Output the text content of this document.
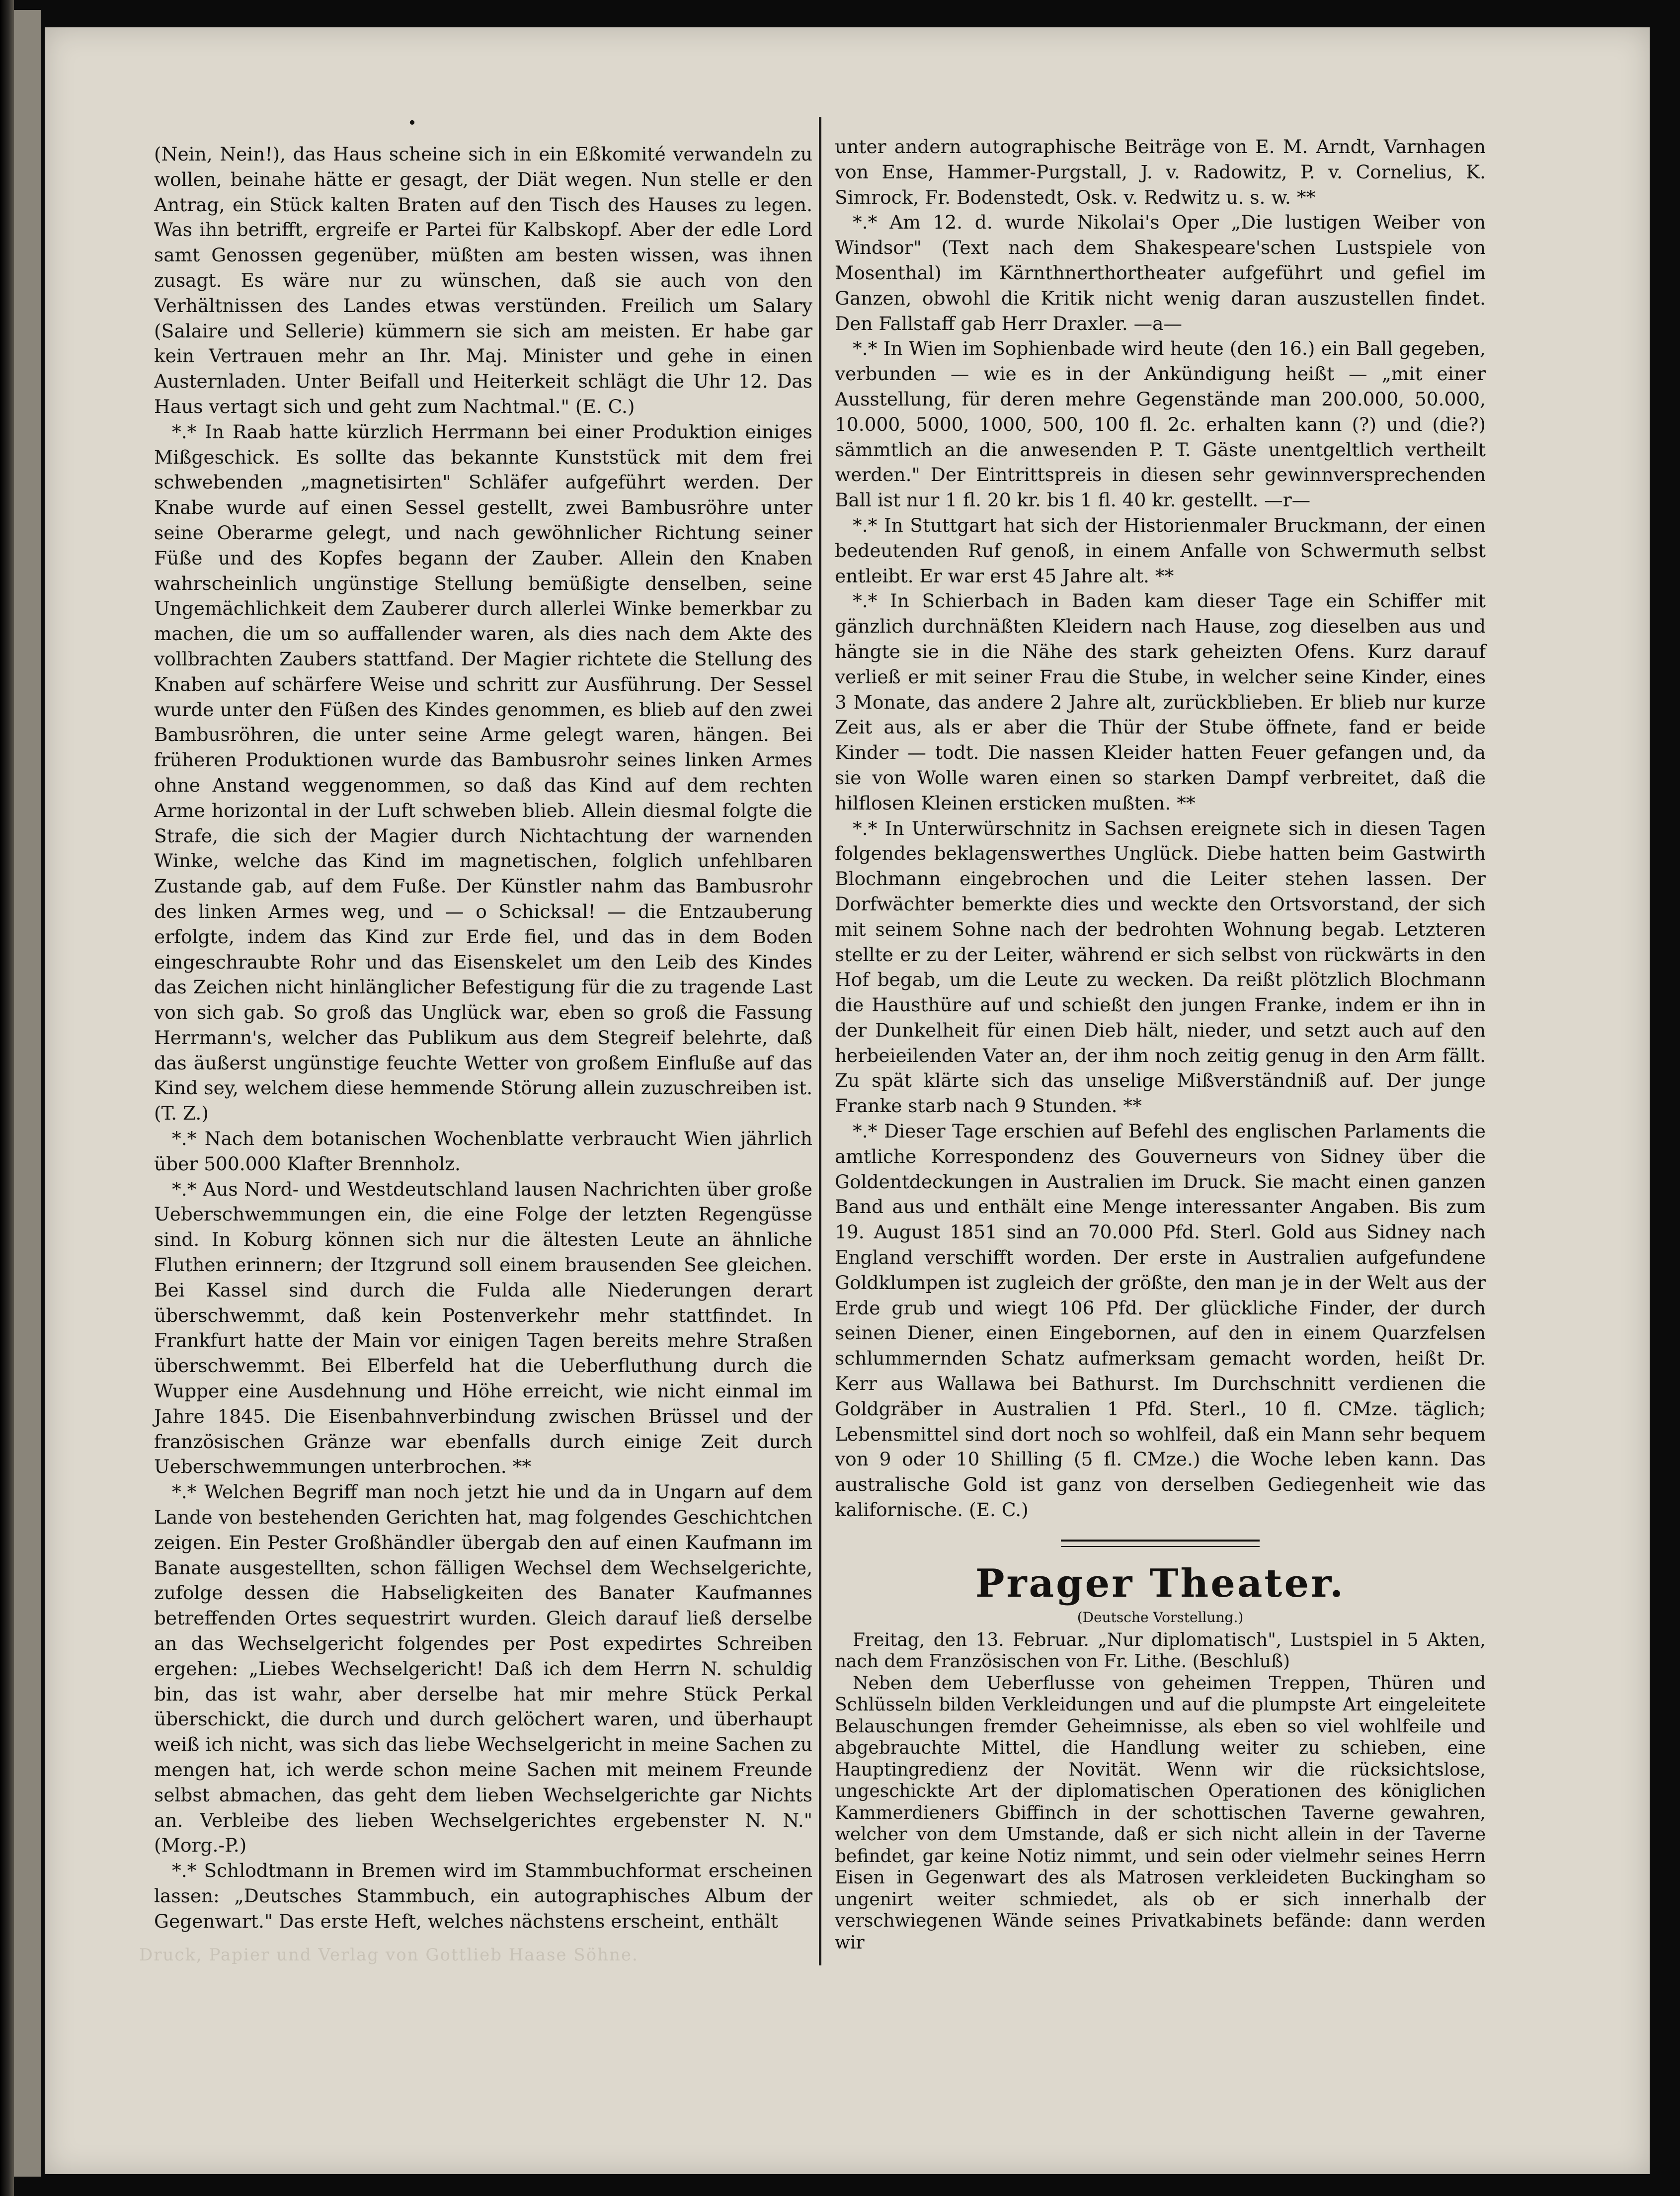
•

(Nein, Nein!), das Haus scheine sich in ein Eßkomité verwandeln zu wollen, beinahe hätte er gesagt, der Diät wegen. Nun stelle er den Antrag, ein Stück kalten Braten auf den Tisch des Hauses zu legen. Was ihn betrifft, ergreife er Partei für Kalbskopf. Aber der edle Lord samt Genossen gegenüber, müßten am besten wissen, was ihnen zusagt. Es wäre nur zu wünschen, daß sie auch von den Verhältnissen des Landes etwas verstünden. Freilich um Salary (Salaire und Sellerie) kümmern sie sich am meisten. Er habe gar kein Vertrauen mehr an Ihr. Maj. Minister und gehe in einen Austernladen. Unter Beifall und Heiterkeit schlägt die Uhr 12. Das Haus vertagt sich und geht zum Nachtmal." (E. C.)

*.* In Raab hatte kürzlich Herrmann bei einer Produktion einiges Mißgeschick. Es sollte das bekannte Kunststück mit dem frei schwebenden „magnetisirten" Schläfer aufgeführt werden. Der Knabe wurde auf einen Sessel gestellt, zwei Bambusröhre unter seine Oberarme gelegt, und nach gewöhnlicher Richtung seiner Füße und des Kopfes begann der Zauber. Allein den Knaben wahrscheinlich ungünstige Stellung bemüßigte denselben, seine Ungemächlichkeit dem Zauberer durch allerlei Winke bemerkbar zu machen, die um so auffallender waren, als dies nach dem Akte des vollbrachten Zaubers stattfand. Der Magier richtete die Stellung des Knaben auf schärfere Weise und schritt zur Ausführung. Der Sessel wurde unter den Füßen des Kindes genommen, es blieb auf den zwei Bambusröhren, die unter seine Arme gelegt waren, hängen. Bei früheren Produktionen wurde das Bambusrohr seines linken Armes ohne Anstand weggenommen, so daß das Kind auf dem rechten Arme horizontal in der Luft schweben blieb. Allein diesmal folgte die Strafe, die sich der Magier durch Nichtachtung der warnenden Winke, welche das Kind im magnetischen, folglich unfehlbaren Zustande gab, auf dem Fuße. Der Künstler nahm das Bambusrohr des linken Armes weg, und — o Schicksal! — die Entzauberung erfolgte, indem das Kind zur Erde fiel, und das in dem Boden eingeschraubte Rohr und das Eisenskelet um den Leib des Kindes das Zeichen nicht hinlänglicher Befestigung für die zu tragende Last von sich gab. So groß das Unglück war, eben so groß die Fassung Herrmann's, welcher das Publikum aus dem Stegreif belehrte, daß das äußerst ungünstige feuchte Wetter von großem Einfluße auf das Kind sey, welchem diese hemmende Störung allein zuzuschreiben ist. (T. Z.)

*.* Nach dem botanischen Wochenblatte verbraucht Wien jährlich über 500.000 Klafter Brennholz.

*.* Aus Nord- und Westdeutschland lausen Nachrichten über große Ueberschwemmungen ein, die eine Folge der letzten Regengüsse sind. In Koburg können sich nur die ältesten Leute an ähnliche Fluthen erinnern; der Itzgrund soll einem brausenden See gleichen. Bei Kassel sind durch die Fulda alle Niederungen derart überschwemmt, daß kein Postenverkehr mehr stattfindet. In Frankfurt hatte der Main vor einigen Tagen bereits mehre Straßen überschwemmt. Bei Elberfeld hat die Ueberfluthung durch die Wupper eine Ausdehnung und Höhe erreicht, wie nicht einmal im Jahre 1845. Die Eisenbahnverbindung zwischen Brüssel und der französischen Gränze war ebenfalls durch einige Zeit durch Ueberschwemmungen unterbrochen. **

*.* Welchen Begriff man noch jetzt hie und da in Ungarn auf dem Lande von bestehenden Gerichten hat, mag folgendes Geschichtchen zeigen. Ein Pester Großhändler übergab den auf einen Kaufmann im Banate ausgestellten, schon fälligen Wechsel dem Wechselgerichte, zufolge dessen die Habseligkeiten des Banater Kaufmannes betreffenden Ortes sequestrirt wurden. Gleich darauf ließ derselbe an das Wechselgericht folgendes per Post expedirtes Schreiben ergehen: „Liebes Wechselgericht! Daß ich dem Herrn N. schuldig bin, das ist wahr, aber derselbe hat mir mehre Stück Perkal überschickt, die durch und durch gelöchert waren, und überhaupt weiß ich nicht, was sich das liebe Wechselgericht in meine Sachen zu mengen hat, ich werde schon meine Sachen mit meinem Freunde selbst abmachen, das geht dem lieben Wechselgerichte gar Nichts an. Verbleibe des lieben Wechselgerichtes ergebenster N. N." (Morg.-P.)

*.* Schlodtmann in Bremen wird im Stammbuchformat erscheinen lassen: „Deutsches Stammbuch, ein autographisches Album der Gegenwart." Das erste Heft, welches nächstens erscheint, enthält

unter andern autographische Beiträge von E. M. Arndt, Varnhagen von Ense, Hammer-Purgstall, J. v. Radowitz, P. v. Cornelius, K. Simrock, Fr. Bodenstedt, Osk. v. Redwitz u. s. w. **

*.* Am 12. d. wurde Nikolai's Oper „Die lustigen Weiber von Windsor" (Text nach dem Shakespeare'schen Lustspiele von Mosenthal) im Kärnthnerthortheater aufgeführt und gefiel im Ganzen, obwohl die Kritik nicht wenig daran auszustellen findet. Den Fallstaff gab Herr Draxler. —a—

*.* In Wien im Sophienbade wird heute (den 16.) ein Ball gegeben, verbunden — wie es in der Ankündigung heißt — „mit einer Ausstellung, für deren mehre Gegenstände man 200.000, 50.000, 10.000, 5000, 1000, 500, 100 fl. 2c. erhalten kann (?) und (die?) sämmtlich an die anwesenden P. T. Gäste unentgeltlich vertheilt werden." Der Eintrittspreis in diesen sehr gewinnversprechenden Ball ist nur 1 fl. 20 kr. bis 1 fl. 40 kr. gestellt. —r—

*.* In Stuttgart hat sich der Historienmaler Bruckmann, der einen bedeutenden Ruf genoß, in einem Anfalle von Schwermuth selbst entleibt. Er war erst 45 Jahre alt. **

*.* In Schierbach in Baden kam dieser Tage ein Schiffer mit gänzlich durchnäßten Kleidern nach Hause, zog dieselben aus und hängte sie in die Nähe des stark geheizten Ofens. Kurz darauf verließ er mit seiner Frau die Stube, in welcher seine Kinder, eines 3 Monate, das andere 2 Jahre alt, zurückblieben. Er blieb nur kurze Zeit aus, als er aber die Thür der Stube öffnete, fand er beide Kinder — todt. Die nassen Kleider hatten Feuer gefangen und, da sie von Wolle waren einen so starken Dampf verbreitet, daß die hilflosen Kleinen ersticken mußten. **

*.* In Unterwürschnitz in Sachsen ereignete sich in diesen Tagen folgendes beklagenswerthes Unglück. Diebe hatten beim Gastwirth Blochmann eingebrochen und die Leiter stehen lassen. Der Dorfwächter bemerkte dies und weckte den Ortsvorstand, der sich mit seinem Sohne nach der bedrohten Wohnung begab. Letzteren stellte er zu der Leiter, während er sich selbst von rückwärts in den Hof begab, um die Leute zu wecken. Da reißt plötzlich Blochmann die Hausthüre auf und schießt den jungen Franke, indem er ihn in der Dunkelheit für einen Dieb hält, nieder, und setzt auch auf den herbeieilenden Vater an, der ihm noch zeitig genug in den Arm fällt. Zu spät klärte sich das unselige Mißverständniß auf. Der junge Franke starb nach 9 Stunden. **

*.* Dieser Tage erschien auf Befehl des englischen Parlaments die amtliche Korrespondenz des Gouverneurs von Sidney über die Goldentdeckungen in Australien im Druck. Sie macht einen ganzen Band aus und enthält eine Menge interessanter Angaben. Bis zum 19. August 1851 sind an 70.000 Pfd. Sterl. Gold aus Sidney nach England verschifft worden. Der erste in Australien aufgefundene Goldklumpen ist zugleich der größte, den man je in der Welt aus der Erde grub und wiegt 106 Pfd. Der glückliche Finder, der durch seinen Diener, einen Eingebornen, auf den in einem Quarzfelsen schlummernden Schatz aufmerksam gemacht worden, heißt Dr. Kerr aus Wallawa bei Bathurst. Im Durchschnitt verdienen die Goldgräber in Australien 1 Pfd. Sterl., 10 fl. CMze. täglich; Lebensmittel sind dort noch so wohlfeil, daß ein Mann sehr bequem von 9 oder 10 Shilling (5 fl. CMze.) die Woche leben kann. Das australische Gold ist ganz von derselben Gediegenheit wie das kalifornische. (E. C.)

Prager Theater.
(Deutsche Vorstellung.)

Freitag, den 13. Februar. „Nur diplomatisch", Lustspiel in 5 Akten, nach dem Französischen von Fr. Lithe. (Beschluß)

Neben dem Ueberflusse von geheimen Treppen, Thüren und Schlüsseln bilden Verkleidungen und auf die plumpste Art eingeleitete Belauschungen fremder Geheimnisse, als eben so viel wohlfeile und abgebrauchte Mittel, die Handlung weiter zu schieben, eine Hauptingredienz der Novität. Wenn wir die rücksichtslose, ungeschickte Art der diplomatischen Operationen des königlichen Kammerdieners Gbiffinch in der schottischen Taverne gewahren, welcher von dem Umstande, daß er sich nicht allein in der Taverne befindet, gar keine Notiz nimmt, und sein oder vielmehr seines Herrn Eisen in Gegenwart des als Matrosen verkleideten Buckingham so ungenirt weiter schmiedet, als ob er sich innerhalb der verschwiegenen Wände seines Privatkabinets befände: dann werden wir

Druck, Papier und Verlag von Gottlieb Haase Söhne.
